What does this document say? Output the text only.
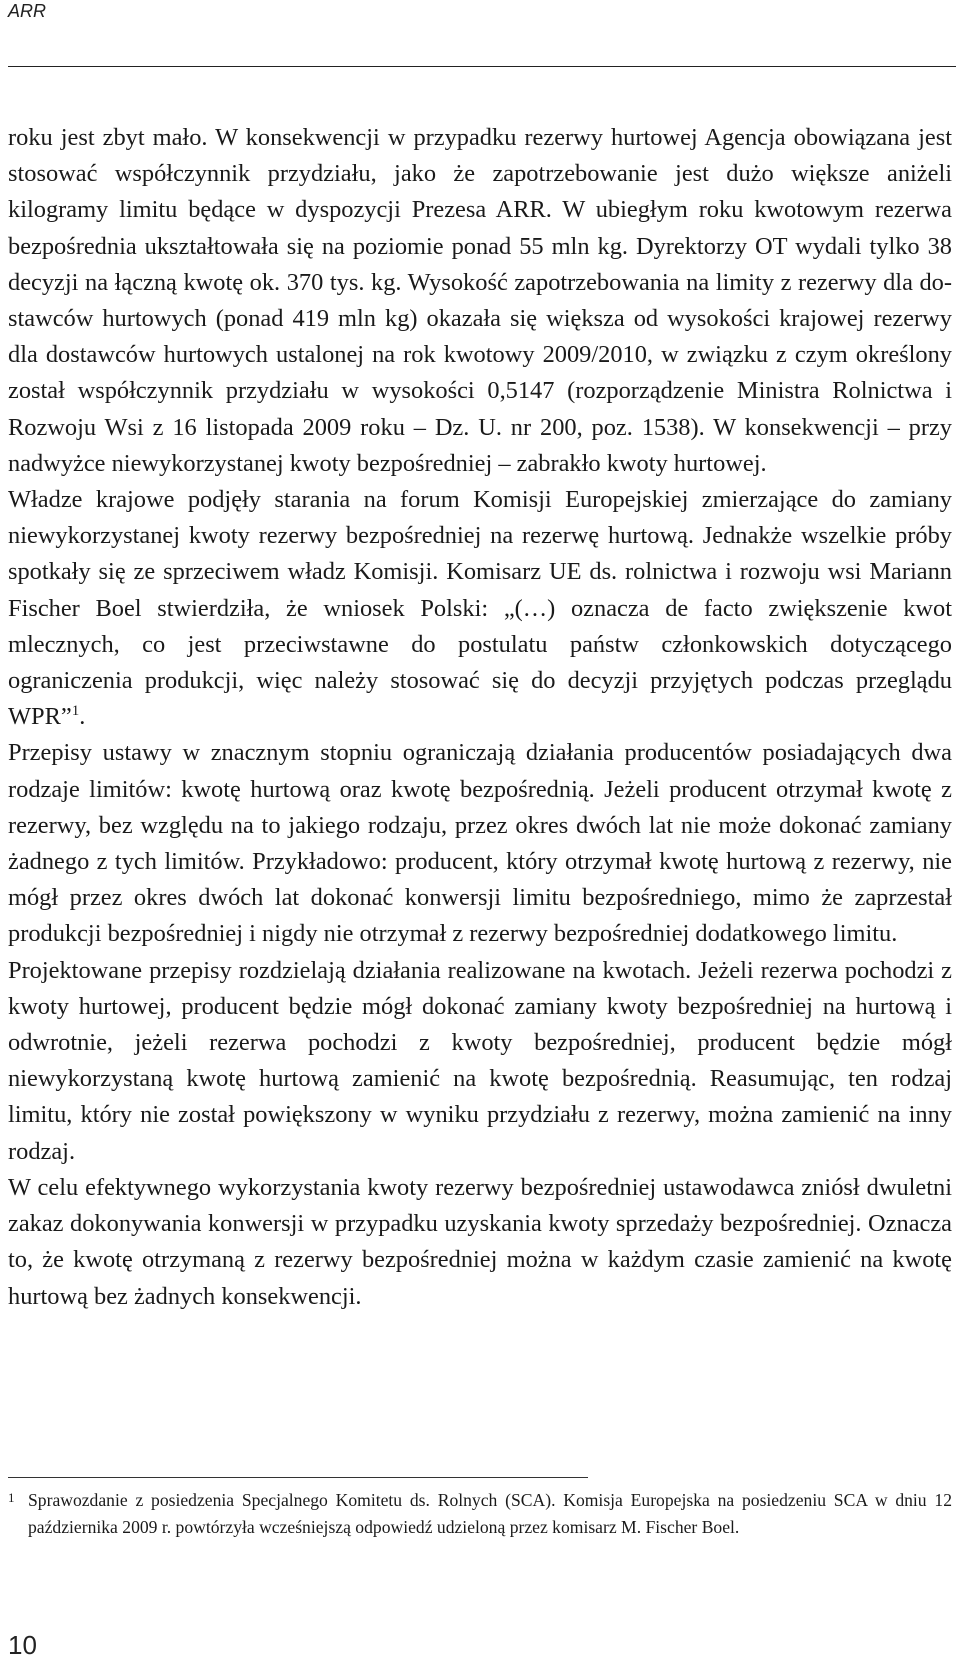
ARR

roku jest zbyt mało. W konsekwencji w przypadku rezerwy hurtowej Agencja obowiązana jest stosować współczynnik przydziału, jako że zapotrzebowanie jest dużo większe aniżeli kilogramy limitu będące w dyspozycji Prezesa ARR. W ubiegłym roku kwotowym rezerwa bezpośrednia ukształtowała się na poziomie ponad 55 mln kg. Dyrektorzy OT wydali tylko 38 decyzji na łączną kwotę ok. 370 tys. kg. Wysokość zapotrzebowania na limity z rezerwy dla dostawców hurtowych (ponad 419 mln kg) okazała się większa od wysokości krajowej rezerwy dla dostawców hurtowych ustalonej na rok kwotowy 2009/2010, w związku z czym określony został współczynnik przydziału w wysokości 0,5147 (rozporządzenie Ministra Rolnictwa i Rozwoju Wsi z 16 listopada 2009 roku – Dz. U. nr 200, poz. 1538). W konsekwencji – przy nadwyżce niewykorzystanej kwoty bezpośredniej – zabrakło kwoty hurtowej.

Władze krajowe podjęły starania na forum Komisji Europejskiej zmierzające do zamiany niewykorzystanej kwoty rezerwy bezpośredniej na rezerwę hurtową. Jednakże wszelkie próby spotkały się ze sprzeciwem władz Komisji. Komisarz UE ds. rolnictwa i rozwoju wsi Mariann Fischer Boel stwierdziła, że wniosek Polski: „(…) oznacza de facto zwiększenie kwot mlecznych, co jest przeciwstawne do postulatu państw członkowskich dotyczącego ograniczenia produkcji, więc należy stosować się do decyzji przyjętych podczas przeglądu WPR”$^1$.

Przepisy ustawy w znacznym stopniu ograniczają działania producentów posiadających dwa rodzaje limitów: kwotę hurtową oraz kwotę bezpośrednią. Jeżeli producent otrzymał kwotę z rezerwy, bez względu na to jakiego rodzaju, przez okres dwóch lat nie może dokonać zamiany żadnego z tych limitów. Przykładowo: producent, który otrzymał kwotę hurtową z rezerwy, nie mógł przez okres dwóch lat dokonać konwersji limitu bezpośredniego, mimo że zaprzestał produkcji bezpośredniej i nigdy nie otrzymał z rezerwy bezpośredniej dodatkowego limitu.

Projektowane przepisy rozdzielają działania realizowane na kwotach. Jeżeli rezerwa pochodzi z kwoty hurtowej, producent będzie mógł dokonać zamiany kwoty bezpośredniej na hurtową i odwrotnie, jeżeli rezerwa pochodzi z kwoty bezpośredniej, producent będzie mógł niewykorzystaną kwotę hurtową zamienić na kwotę bezpośrednią. Reasumując, ten rodzaj limitu, który nie został powiększony w wyniku przydziału z rezerwy, można zamienić na inny rodzaj.

W celu efektywnego wykorzystania kwoty rezerwy bezpośredniej ustawodawca zniósł dwuletni zakaz dokonywania konwersji w przypadku uzyskania kwoty sprzedaży bezpośredniej. Oznacza to, że kwotę otrzymaną z rezerwy bezpośredniej można w każdym czasie zamienić na kwotę hurtową bez żadnych konsekwencji.

1 Sprawozdanie z posiedzenia Specjalnego Komitetu ds. Rolnych (SCA). Komisja Europejska na posiedzeniu SCA w dniu 12 października 2009 r. powtórzyła wcześniejszą odpowiedź udzieloną przez komisarz M. Fischer Boel.
10
